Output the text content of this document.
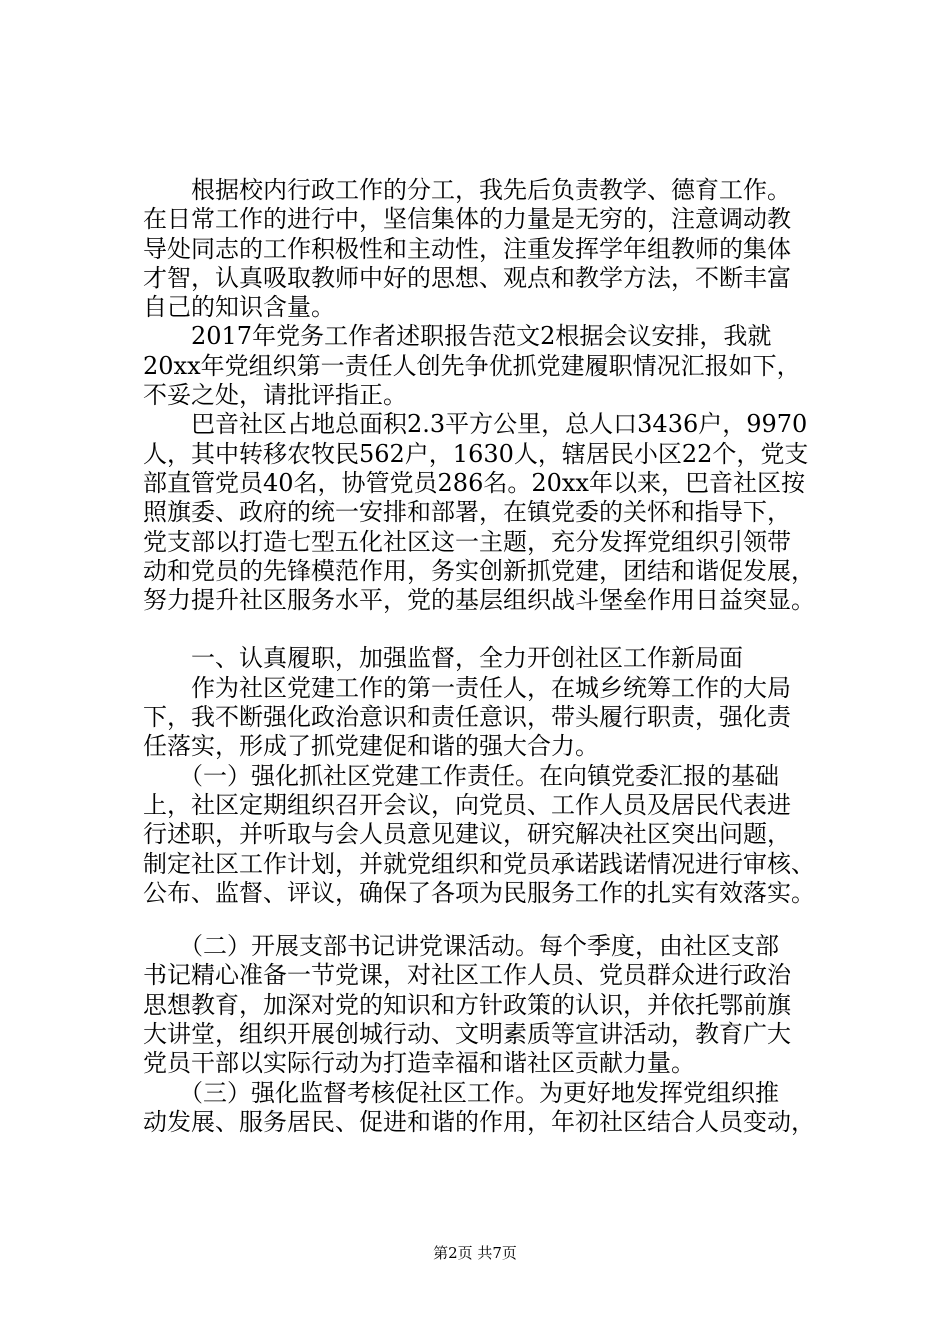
　　根据校内行政工作的分工，我先后负责教学、德育工作。
在日常工作的进行中，坚信集体的力量是无穷的，注意调动教
导处同志的工作积极性和主动性，注重发挥学年组教师的集体
才智，认真吸取教师中好的思想、观点和教学方法，不断丰富
自己的知识含量。
　　2017年党务工作者述职报告范文2根据会议安排，我就
20xx年党组织第一责任人创先争优抓党建履职情况汇报如下，
不妥之处，请批评指正。
　　巴音社区占地总面积2.3平方公里，总人口3436户，9970
人，其中转移农牧民562户，1630人，辖居民小区22个，党支
部直管党员40名，协管党员286名。20xx年以来，巴音社区按
照旗委、政府的统一安排和部署，在镇党委的关怀和指导下，
党支部以打造七型五化社区这一主题，充分发挥党组织引领带
动和党员的先锋模范作用，务实创新抓党建，团结和谐促发展，
努力提升社区服务水平，党的基层组织战斗堡垒作用日益突显。
　　一、认真履职，加强监督，全力开创社区工作新局面
　　作为社区党建工作的第一责任人，在城乡统筹工作的大局
下，我不断强化政治意识和责任意识，带头履行职责，强化责
任落实，形成了抓党建促和谐的强大合力。
　　（一）强化抓社区党建工作责任。在向镇党委汇报的基础
上，社区定期组织召开会议，向党员、工作人员及居民代表进
行述职，并听取与会人员意见建议，研究解决社区突出问题，
制定社区工作计划，并就党组织和党员承诺践诺情况进行审核、
公布、监督、评议，确保了各项为民服务工作的扎实有效落实。
　　（二）开展支部书记讲党课活动。每个季度，由社区支部
书记精心准备一节党课，对社区工作人员、党员群众进行政治
思想教育，加深对党的知识和方针政策的认识，并依托鄂前旗
大讲堂，组织开展创城行动、文明素质等宣讲活动，教育广大
党员干部以实际行动为打造幸福和谐社区贡献力量。
　　（三）强化监督考核促社区工作。为更好地发挥党组织推
动发展、服务居民、促进和谐的作用，年初社区结合人员变动，
第2页 共7页
